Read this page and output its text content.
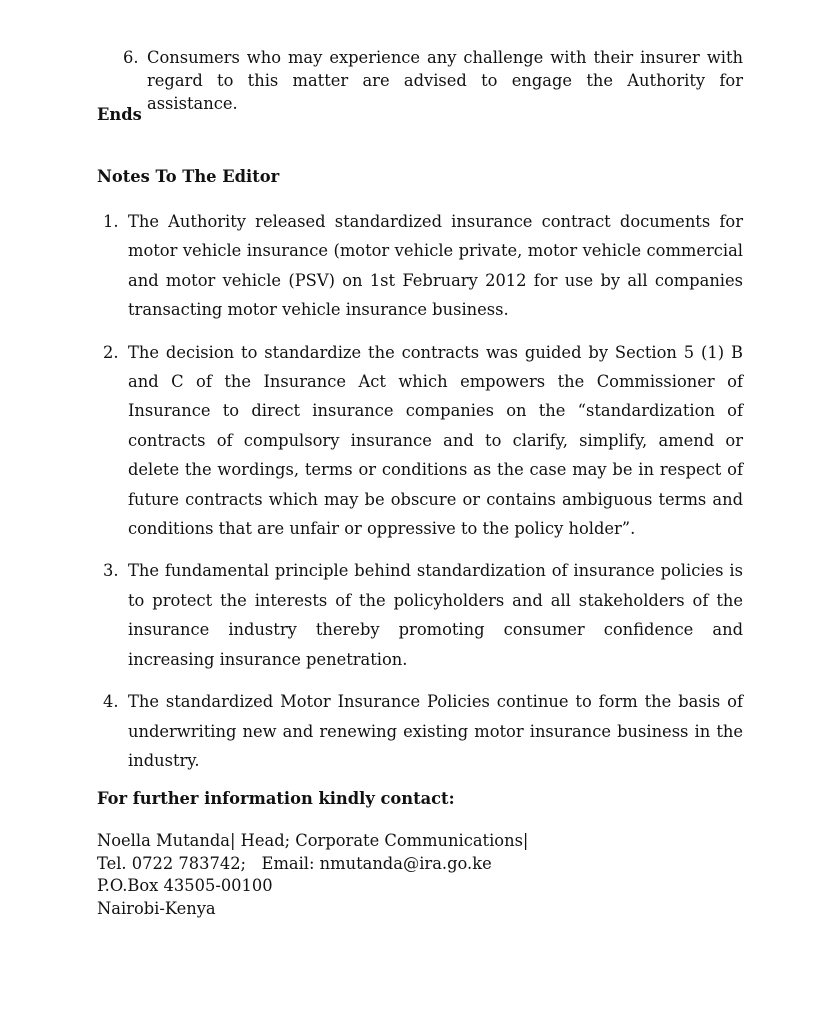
6. Consumers who may experience any challenge with their insurer with regard to this matter are advised to engage the Authority for assistance.
Ends
Notes To The Editor
1. The Authority released standardized insurance contract documents for motor vehicle insurance (motor vehicle private, motor vehicle commercial and motor vehicle (PSV) on 1st February 2012 for use by all companies transacting motor vehicle insurance business.
2. The decision to standardize the contracts was guided by Section 5 (1) B and C of the Insurance Act which empowers the Commissioner of Insurance to direct insurance companies on the “standardization of contracts of compulsory insurance and to clarify, simplify, amend or delete the wordings, terms or conditions as the case may be in respect of future contracts which may be obscure or contains ambiguous terms and conditions that are unfair or oppressive to the policy holder”.
3. The fundamental principle behind standardization of insurance policies is to protect the interests of the policyholders and all stakeholders of the insurance industry thereby promoting consumer confidence and increasing insurance penetration.
4. The standardized Motor Insurance Policies continue to form the basis of underwriting new and renewing existing motor insurance business in the industry.
For further information kindly contact:
Noella Mutanda| Head; Corporate Communications|
Tel. 0722 783742;   Email: nmutanda@ira.go.ke
P.O.Box 43505-00100
Nairobi-Kenya
